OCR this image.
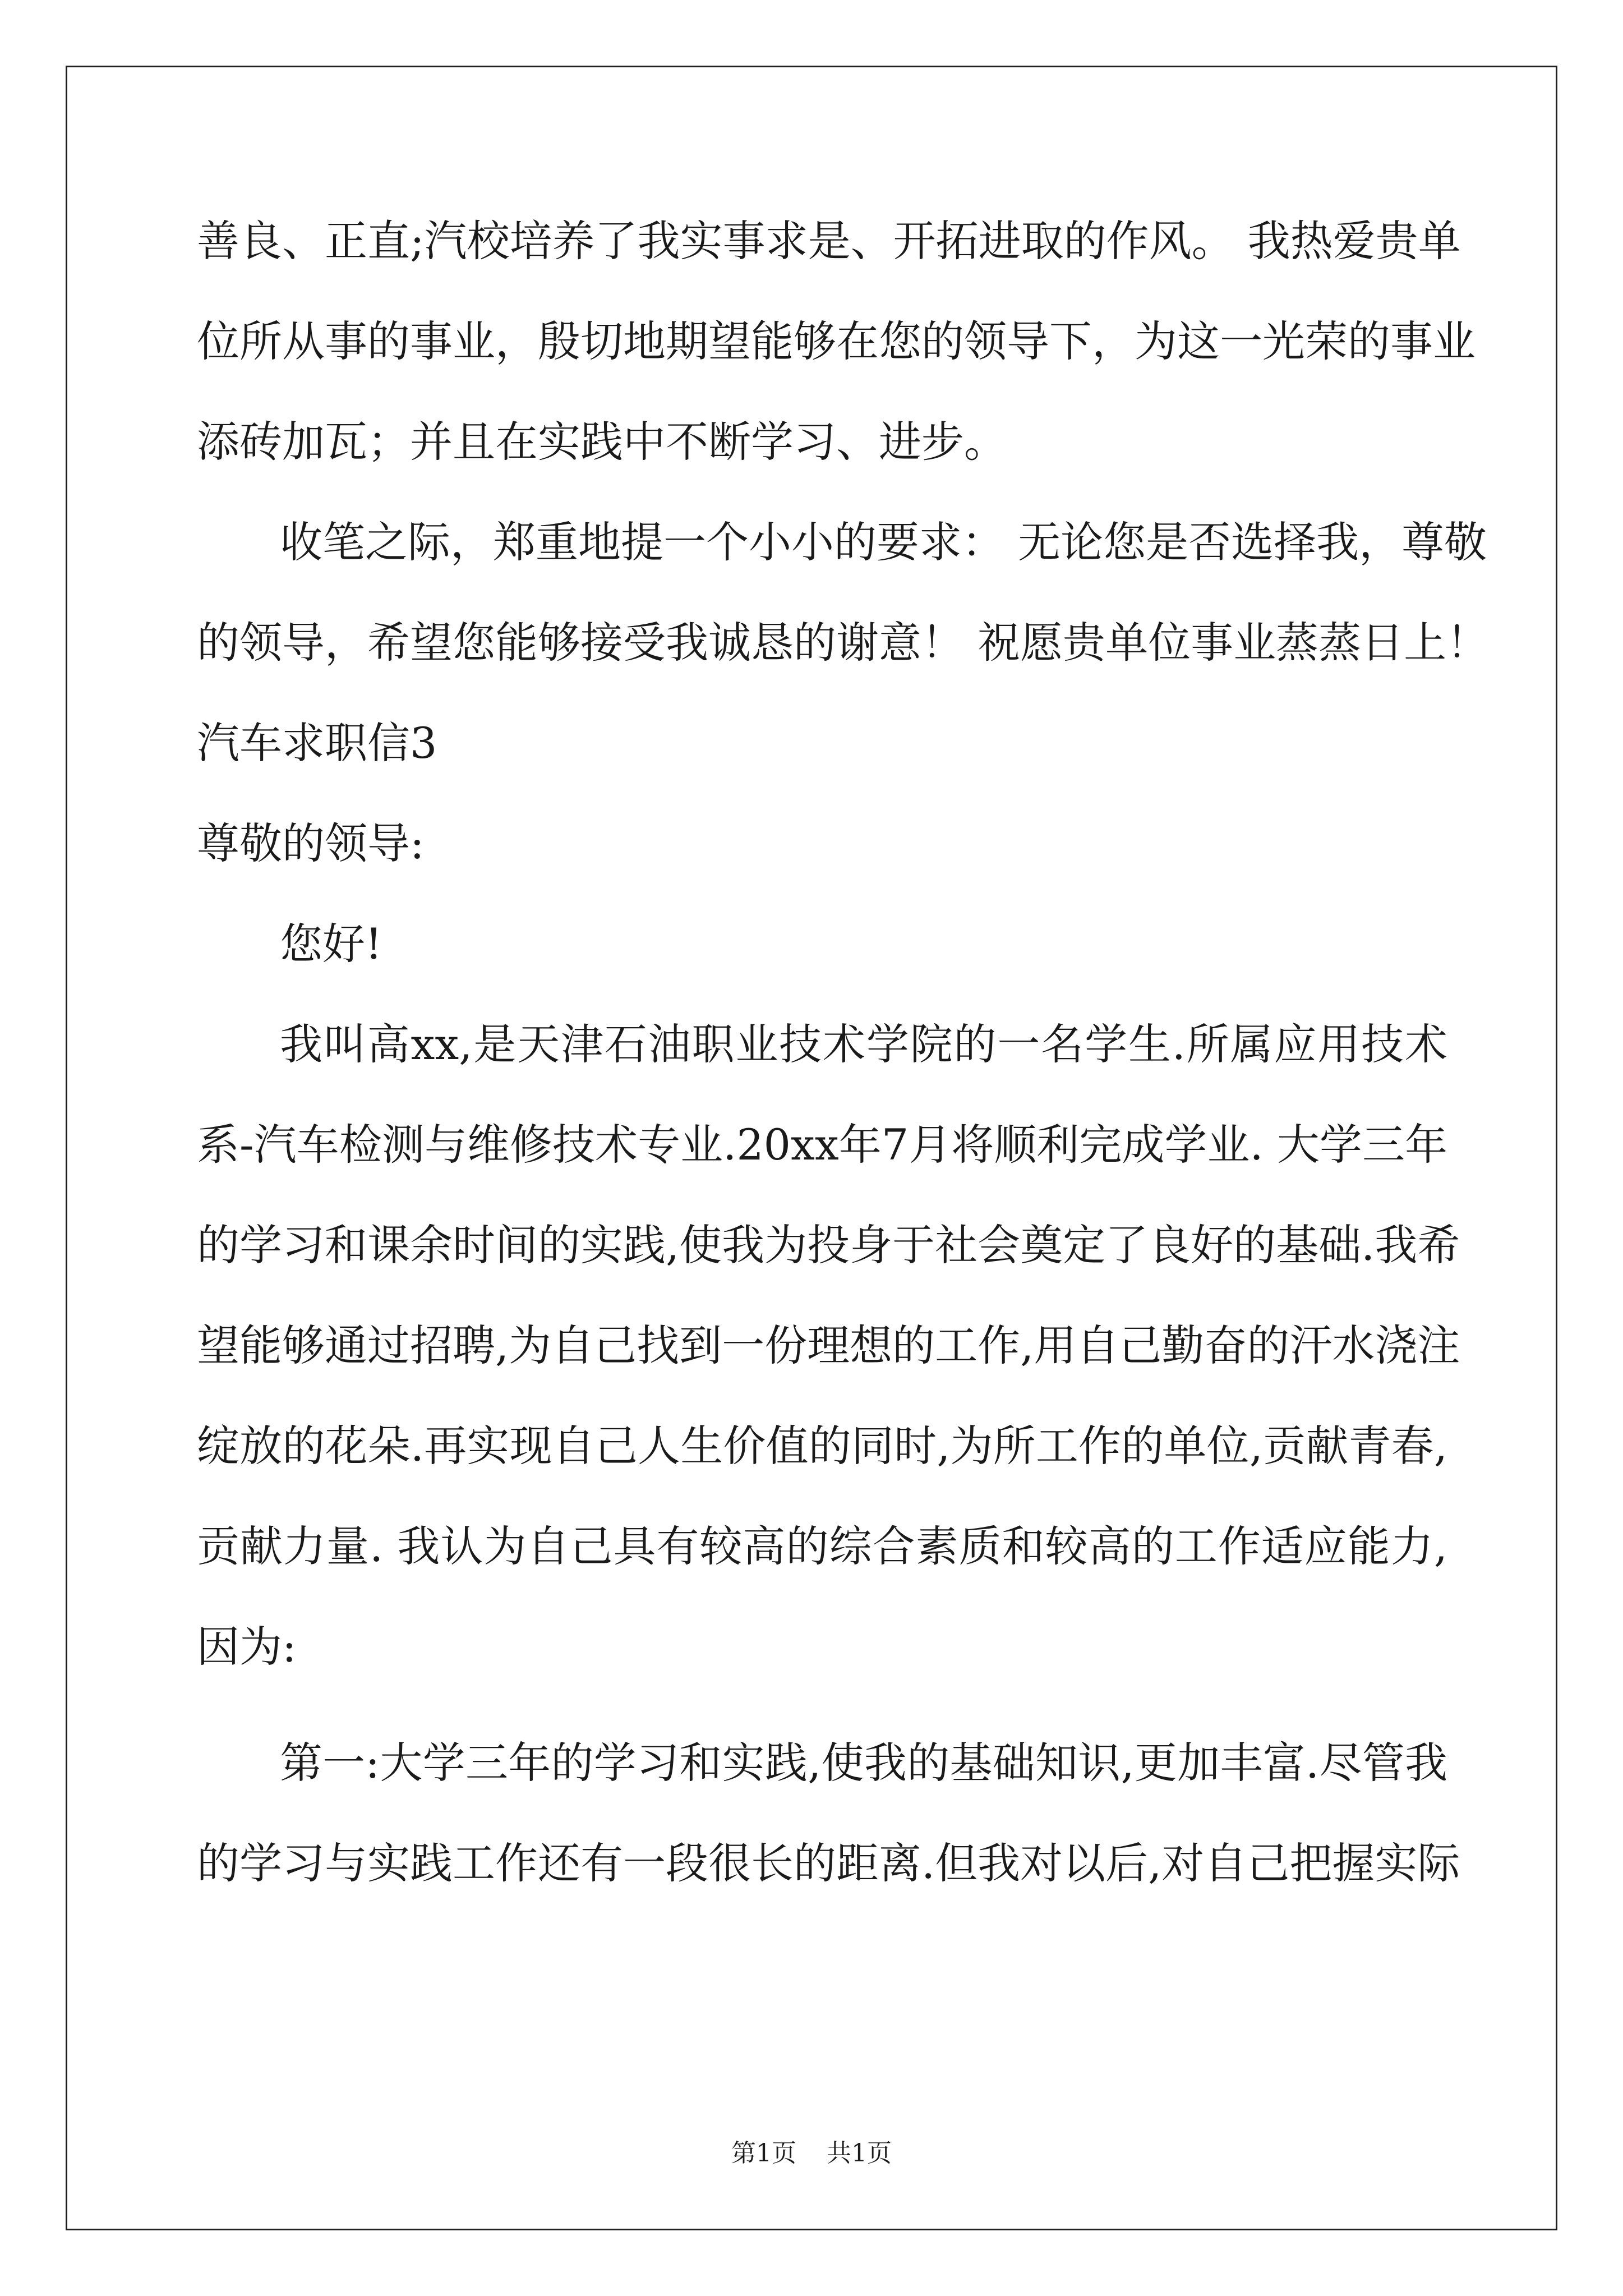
善良、正直;汽校培养了我实事求是、开拓进取的作风。 我热爱贵单
位所从事的事业，殷切地期望能够在您的领导下，为这一光荣的事业
添砖加瓦；并且在实践中不断学习、进步。
收笔之际，郑重地提一个小小的要求： 无论您是否选择我，尊敬
的领导，希望您能够接受我诚恳的谢意！ 祝愿贵单位事业蒸蒸日上！
汽车求职信3
尊敬的领导:
您好!
我叫高xx,是天津石油职业技术学院的一名学生.所属应用技术
系-汽车检测与维修技术专业.20xx年7月将顺利完成学业. 大学三年
的学习和课余时间的实践,使我为投身于社会奠定了良好的基础.我希
望能够通过招聘,为自己找到一份理想的工作,用自己勤奋的汗水浇注
绽放的花朵.再实现自己人生价值的同时,为所工作的单位,贡献青春,
贡献力量. 我认为自己具有较高的综合素质和较高的工作适应能力,
因为:
第一:大学三年的学习和实践,使我的基础知识,更加丰富.尽管我
的学习与实践工作还有一段很长的距离.但我对以后,对自己把握实际
第1页 共1页
